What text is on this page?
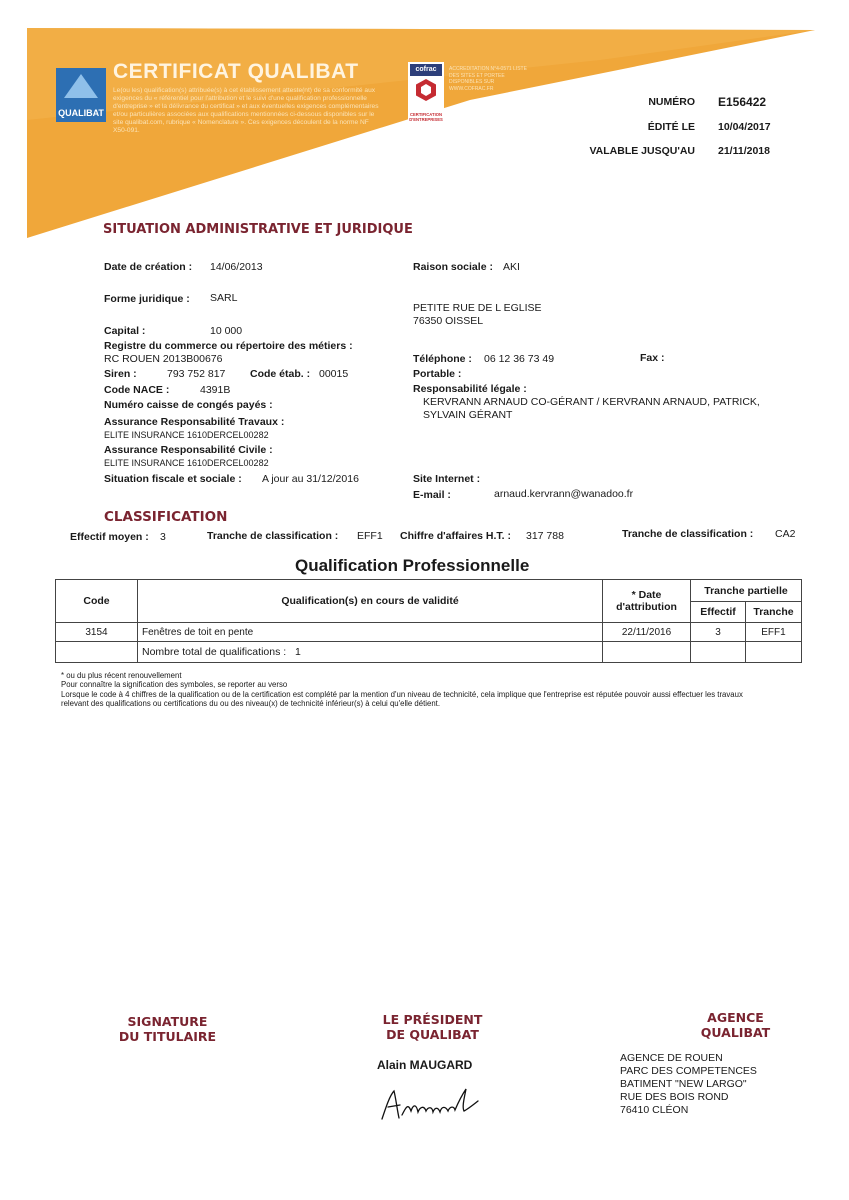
QUALIBAT
CERTIFICAT QUALIBAT
Le(ou les) qualification(s) attribuée(s) à cet établissement atteste(nt) de sa conformité aux exigences du « référentiel pour l'attribution et le suivi d'une qualification professionnelle d'entreprise » et la délivrance du certificat » et aux éventuelles exigences complémentaires et/ou particulières associées aux qualifications mentionnées ci-dessous disponibles sur le site qualibat.com, rubrique « Nomenclature ». Ces exigences découlent de la norme NF X50-091.
cofrac
CERTIFICATION D'ENTREPRISES
ACCREDITATION N°4-0571 LISTE DES SITES ET PORTEE DISPONIBLES SUR WWW.COFRAC.FR
NUMÉRO E156422
ÉDITÉ LE 10/04/2017
VALABLE JUSQU'AU 21/11/2018
SITUATION ADMINISTRATIVE ET JURIDIQUE
Date de création : 14/06/2013
Forme juridique : SARL
Capital :	10 000
Registre du commerce ou répertoire des métiers :
RC ROUEN 2013B00676
Siren :	793 752 817 Code étab. : 00015
Code NACE :	4391B
Numéro caisse de congés payés :
Assurance Responsabilité Travaux :
ELITE INSURANCE 1610DERCEL00282
Assurance Responsabilité Civile :
ELITE INSURANCE 1610DERCEL00282
Situation fiscale et sociale : A jour au 31/12/2016
Raison sociale : AKI
PETITE RUE DE L EGLISE
76350 OISSEL
Téléphone : 06 12 36 73 49	Fax :
Portable :
Responsabilité légale :
KERVRANN ARNAUD CO-GÉRANT / KERVRANN ARNAUD, PATRICK,
SYLVAIN GÉRANT
Site Internet :
E-mail :	arnaud.kervrann@wanadoo.fr
CLASSIFICATION
Effectif moyen : 3	Tranche de classification : EFF1 Chiffre d'affaires H.T. : 317 788	Tranche de classification : CA2
Qualification Professionnelle
Code	Qualification(s) en cours de validité	* Date d'attribution	Tranche partielle	
			Effectif	Tranche
3154	Fenêtres de toit en pente	22/11/2016	3	EFF1
	Nombre total de qualifications : 1			
* ou du plus récent renouvellement
Pour connaître la signification des symboles, se reporter au verso
Lorsque le code à 4 chiffres de la qualification ou de la certification est complété par la mention d'un niveau de technicité, cela implique que l'entreprise est réputée pouvoir aussi effectuer les travaux
relevant des qualifications ou certifications du ou des niveau(x) de technicité inférieur(s) à celui qu'elle détient.
SIGNATURE
DU TITULAIRE
LE PRÉSIDENT
DE QUALIBAT
Alain MAUGARD
AGENCE
QUALIBAT
AGENCE DE ROUEN
PARC DES COMPETENCES
BATIMENT "NEW LARGO"
RUE DES BOIS ROND
76410 CLÉON
